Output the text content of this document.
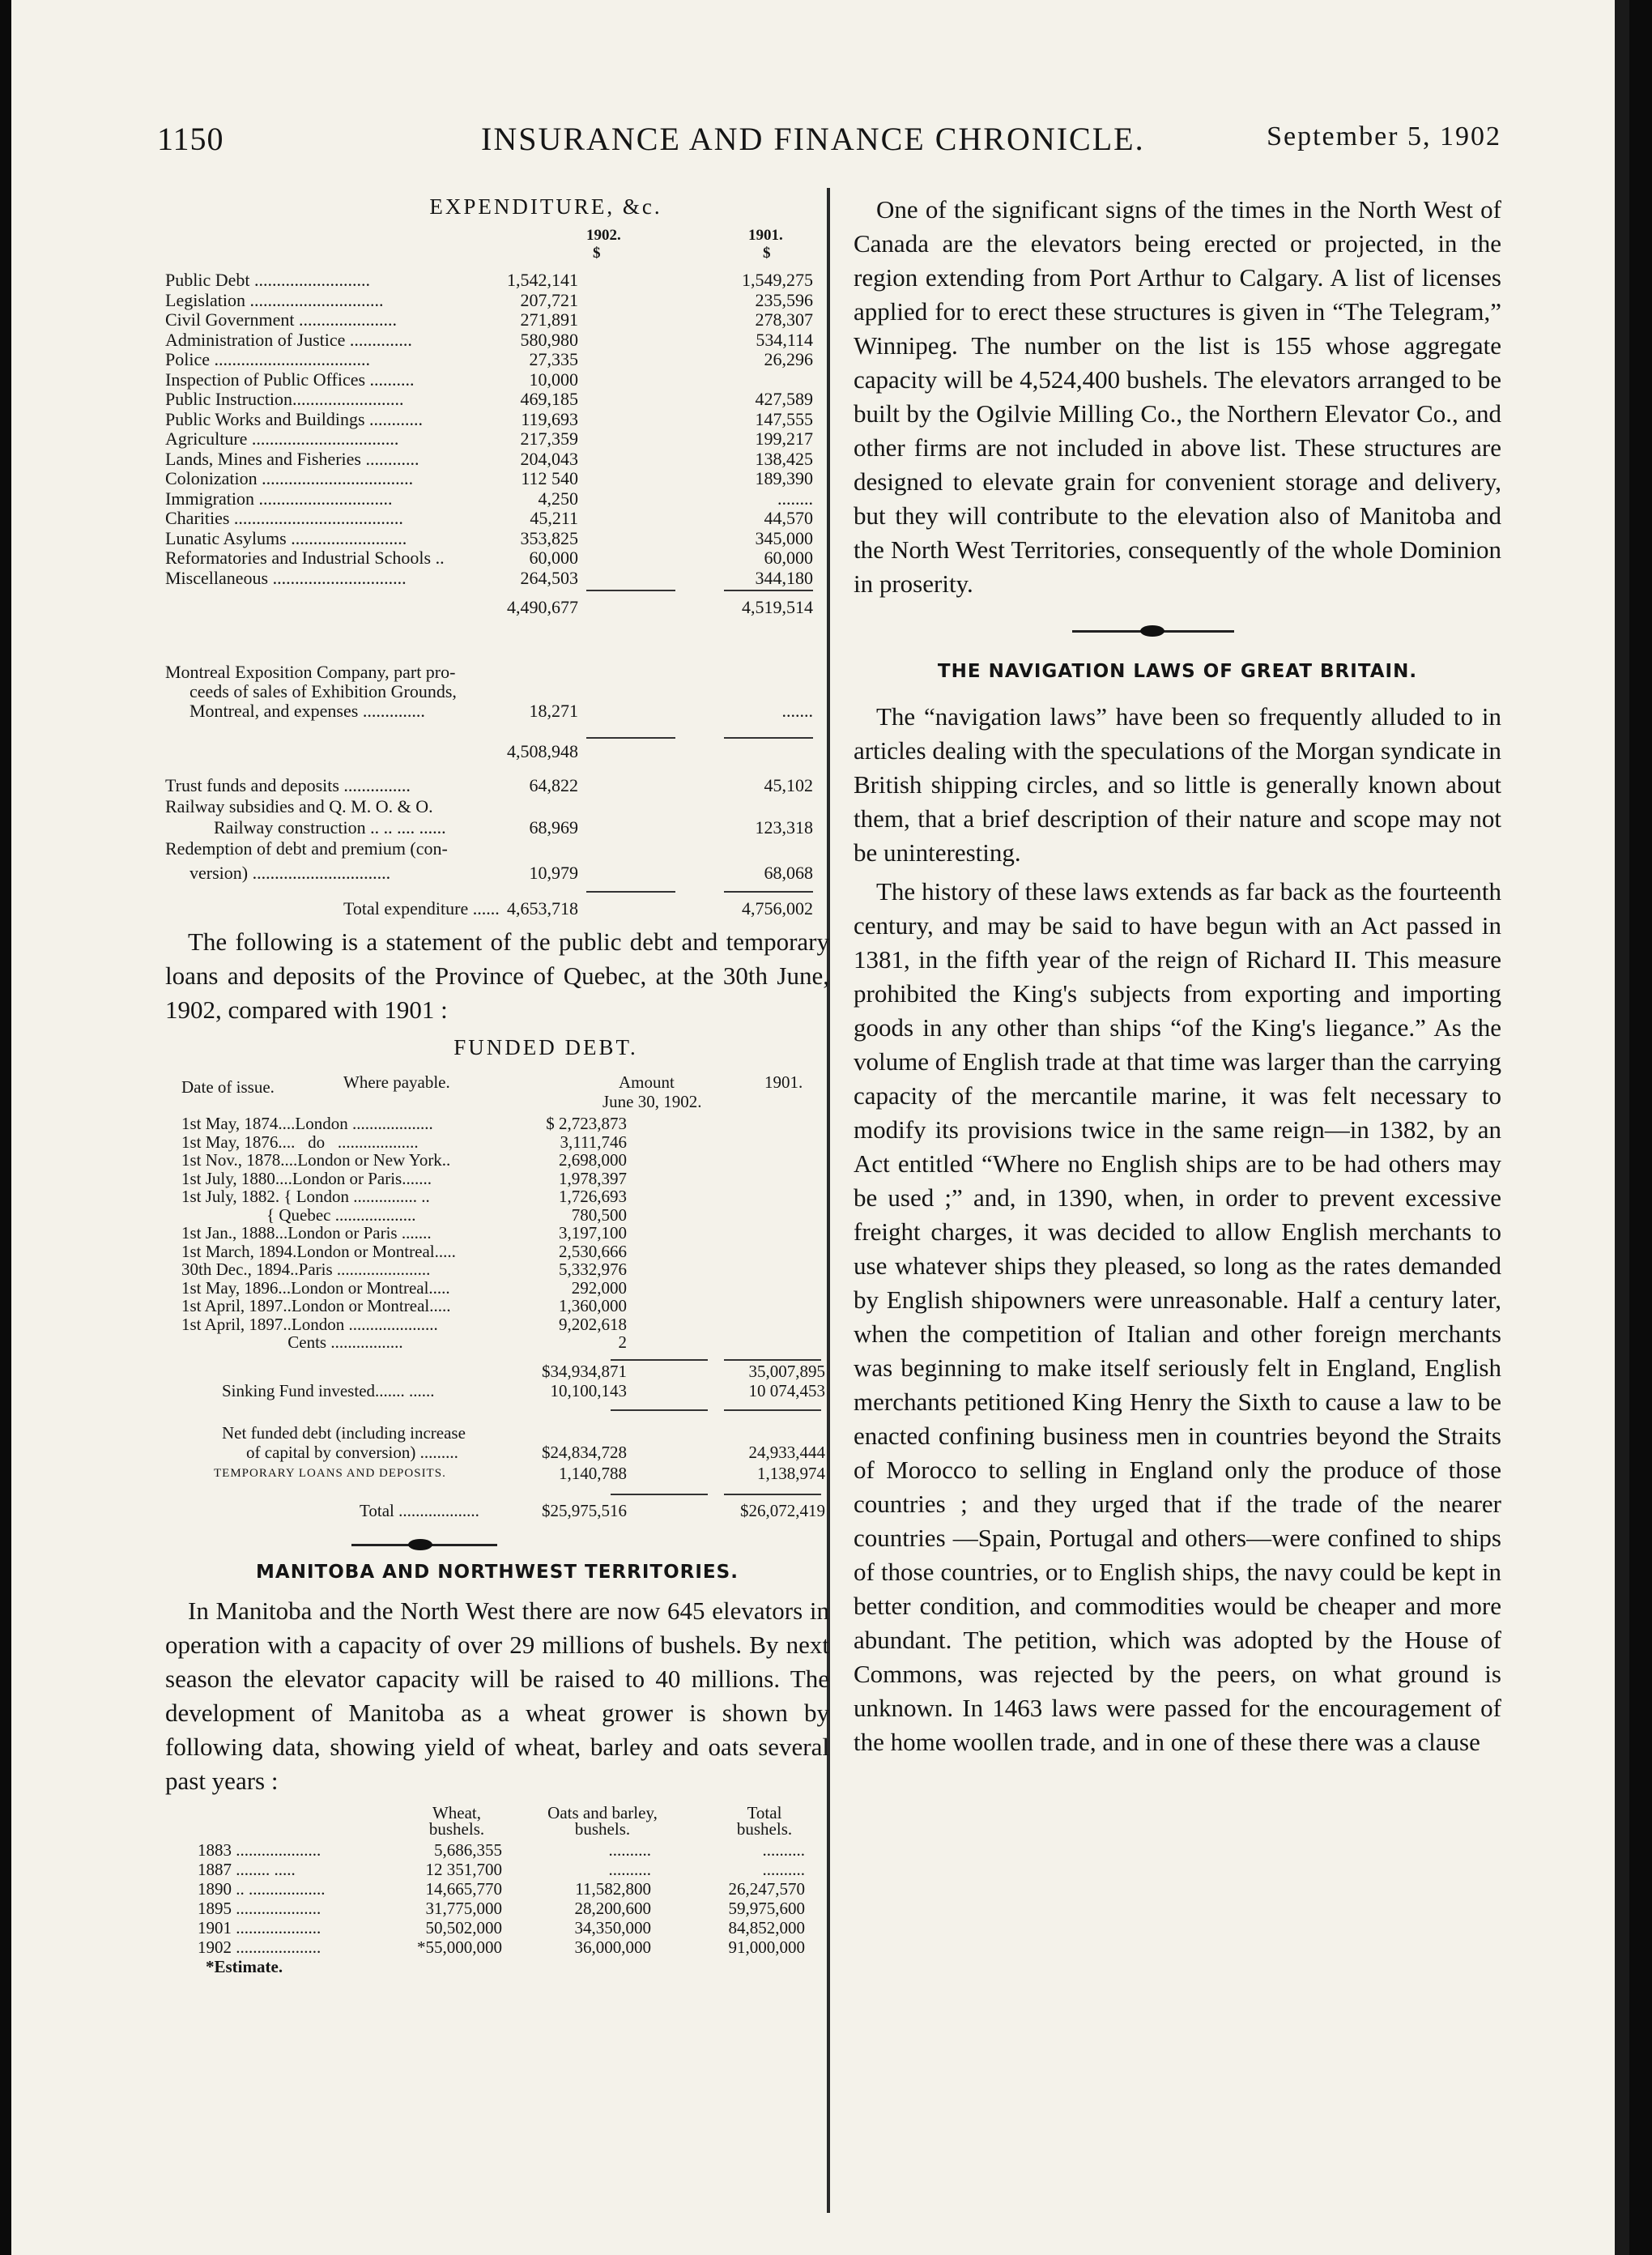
1150	INSURANCE AND FINANCE CHRONICLE.	September 5, 1902
EXPENDITURE, &c.
1902.	1901.
$	$
Public Debt ..........................	1,542,141	1,549,275
Legislation ..............................	207,721	235,596
Civil Government ......................	271,891	278,307
Administration of Justice ..............	580,980	534,114
Police ...................................	27,335	26,296
Inspection of Public Offices ..........	10,000
Public Instruction.........................	469,185	427,589
Public Works and Buildings ............	119,693	147,555
Agriculture .................................	217,359	199,217
Lands, Mines and Fisheries ............	204,043	138,425
Colonization ..................................	112 540	189,390
Immigration ..............................	4,250	........
Charities ......................................	45,211	44,570
Lunatic Asylums ..........................	353,825	345,000
Reformatories and Industrial Schools ..	60,000	60,000
Miscellaneous ..............................	264,503	344,180
4,490,677	4,519,514
Montreal Exposition Company, part pro-
ceeds of sales of Exhibition Grounds,
Montreal, and expenses ..............	18,271	.......
4,508,948
Trust funds and deposits ...............	64,822	45,102
Railway subsidies and Q. M. O. & O.
Railway construction .. .. .... ......	68,969	123,318
Redemption of debt and premium (con-
version) ...............................	10,979	68,068
Total expenditure ...... 4,653,718	4,756,002

The following is a statement of the public debt and temporary loans and deposits of the Province of Quebec, at the 30th June, 1902, compared with 1901 :

FUNDED DEBT.
Date of issue.	Where payable.	Amount
June 30, 1902.
1901.
1st May, 1874....London ...................	$ 2,723,873
1st May, 1876....   do   ...................	3,111,746
1st Nov., 1878....London or New York..	2,698,000
1st July, 1880....London or Paris.......	1,978,397
1st July, 1882. { London ............... ..	1,726,693
{ Quebec ...................	780,500
1st Jan., 1888...London or Paris .......	3,197,100
1st March, 1894.London or Montreal.....	2,530,666
30th Dec., 1894..Paris ......................	5,332,976
1st May, 1896...London or Montreal.....	292,000
1st April, 1897..London or Montreal.....	1,360,000
1st April, 1897..London .....................	9,202,618
Cents .................	2
$34,934,871	35,007,895
Sinking Fund invested....... ......	10,100,143	10 074,453
Net funded debt (including increase
of capital by conversion) .........	$24,834,728	24,933,444
TEMPORARY LOANS AND DEPOSITS.	1,140,788	1,138,974
Total ...................	$25,975,516	$26,072,419

MANITOBA AND NORTHWEST TERRITORIES.

In Manitoba and the North West there are now 645 elevators in operation with a capacity of over 29 millions of bushels. By next season the elevator capacity will be raised to 40 millions. The development of Manitoba as a wheat grower is shown by following data, showing yield of wheat, barley and oats several past years :

Wheat,
bushels.
Oats and barley,
bushels.
Total
bushels.
1883 ....................	5,686,355	..........	..........
1887 ........ .....	12 351,700	..........	..........
1890 .. ..................	14,665,770	11,582,800	26,247,570
1895 ....................	31,775,000	28,200,600	59,975,600
1901 ....................	50,502,000	34,350,000	84,852,000
1902 ....................	*55,000,000	36,000,000	91,000,000
*Estimate.

One of the significant signs of the times in the North West of Canada are the elevators being erected or projected, in the region extending from Port Arthur to Calgary. A list of licenses applied for to erect these structures is given in “The Telegram,” Winnipeg. The number on the list is 155 whose aggregate capacity will be 4,524,400 bushels. The elevators arranged to be built by the Ogilvie Milling Co., the Northern Elevator Co., and other firms are not included in above list. These structures are designed to elevate grain for convenient storage and delivery, but they will contribute to the elevation also of Manitoba and the North West Territories, consequently of the whole Dominion in proserity.

THE NAVIGATION LAWS OF GREAT BRITAIN.

The “navigation laws” have been so frequently alluded to in articles dealing with the speculations of the Morgan syndicate in British shipping circles, and so little is generally known about them, that a brief description of their nature and scope may not be uninteresting.

The history of these laws extends as far back as the fourteenth century, and may be said to have begun with an Act passed in 1381, in the fifth year of the reign of Richard II. This measure prohibited the King's subjects from exporting and importing goods in any other than ships “of the King's liegance.” As the volume of English trade at that time was larger than the carrying capacity of the mercantile marine, it was felt necessary to modify its provisions twice in the same reign—in 1382, by an Act entitled “Where no English ships are to be had others may be used ;” and, in 1390, when, in order to prevent excessive freight charges, it was decided to allow English merchants to use whatever ships they pleased, so long as the rates demanded by English shipowners were unreasonable. Half a century later, when the competition of Italian and other foreign merchants was beginning to make itself seriously felt in England, English merchants petitioned King Henry the Sixth to cause a law to be enacted confining business men in countries beyond the Straits of Morocco to selling in England only the produce of those countries ; and they urged that if the trade of the nearer countries —Spain, Portugal and others—were confined to ships of those countries, or to English ships, the navy could be kept in better condition, and commodities would be cheaper and more abundant. The petition, which was adopted by the House of Commons, was rejected by the peers, on what ground is unknown. In 1463 laws were passed for the encouragement of the home woollen trade, and in one of these there was a clause
